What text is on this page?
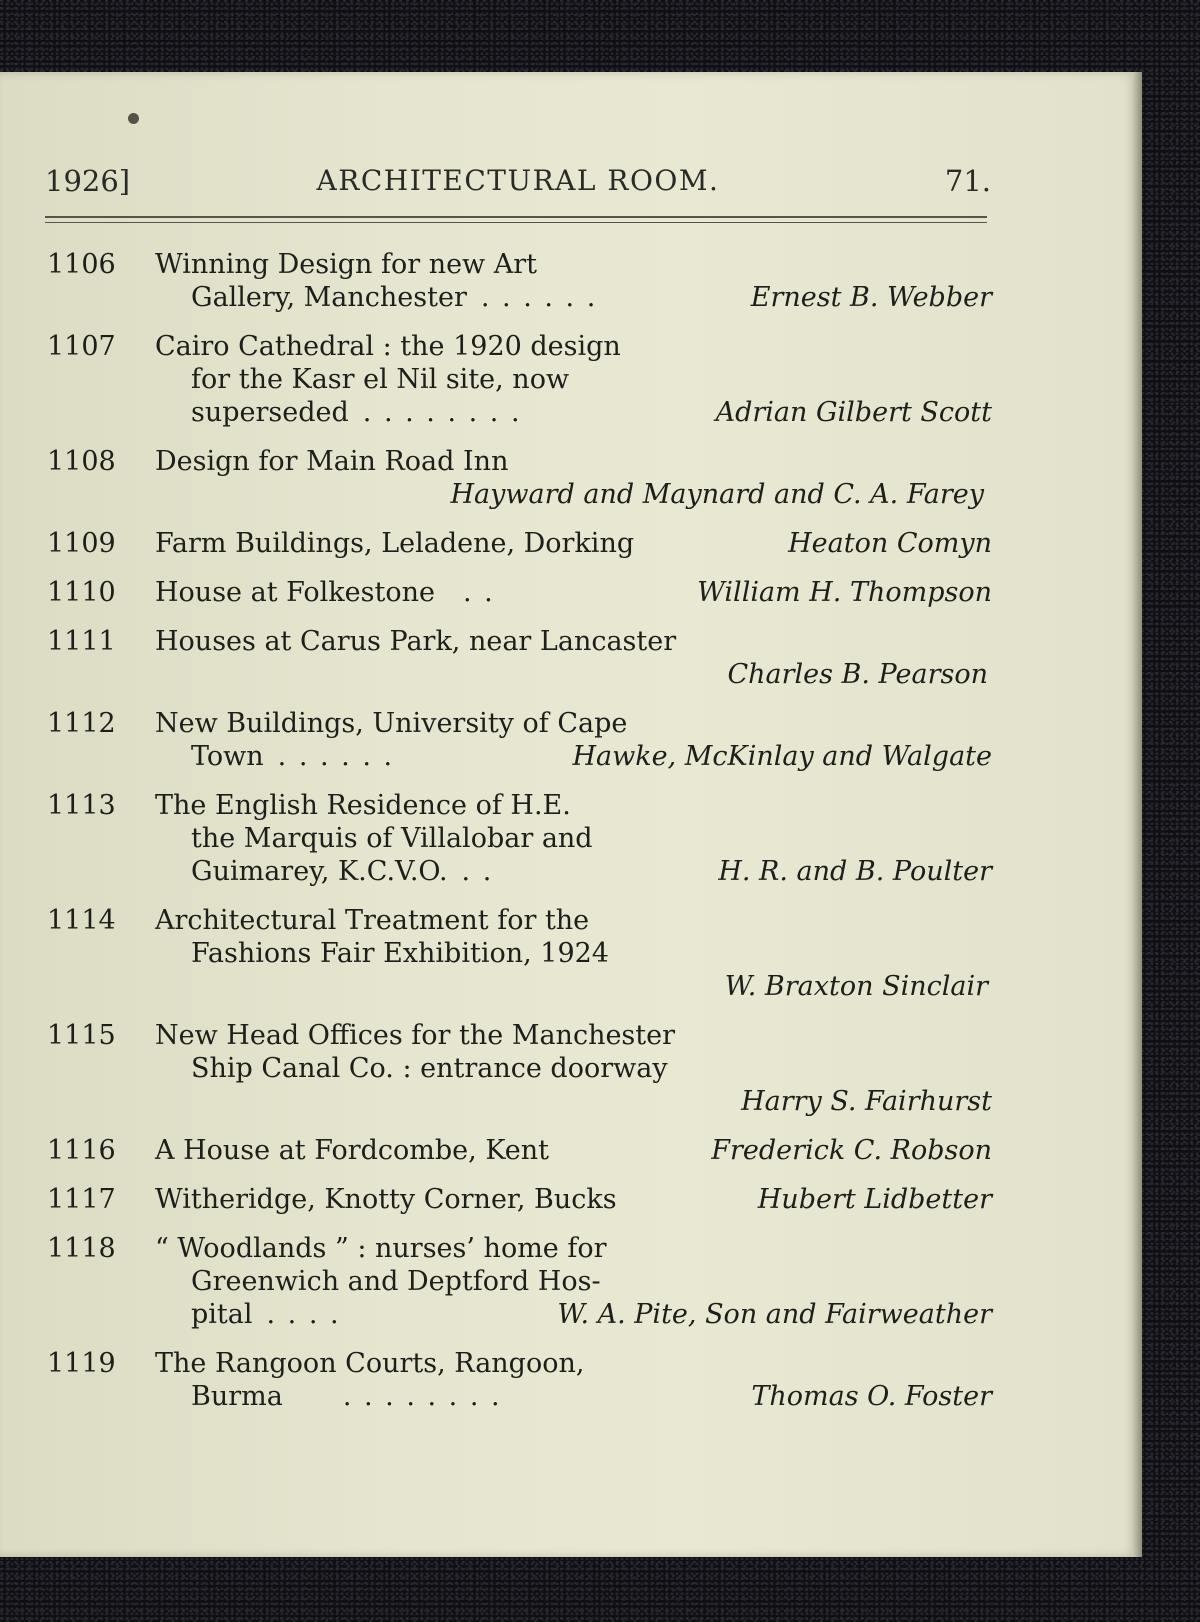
1926]	ARCHITECTURAL ROOM.	71.
1106	Winning Design for new Art
Gallery, Manchester . . . . . .	Ernest B. Webber
1107	Cairo Cathedral : the 1920 design
for the Kasr el Nil site, now
superseded . . . . . . . .	Adrian Gilbert Scott
1108	Design for Main Road Inn
Hayward and Maynard and C. A. Farey
1109	Farm Buildings, Leladene, Dorking	Heaton Comyn
1110	House at Folkestone . .	William H. Thompson
1111	Houses at Carus Park, near Lancaster
Charles B. Pearson
1112	New Buildings, University of Cape
Town . . . . . .	Hawke, McKinlay and Walgate
1113	The English Residence of H.E.
the Marquis of Villalobar and
Guimarey, K.C.V.O. . .	H. R. and B. Poulter
1114	Architectural Treatment for the
Fashions Fair Exhibition, 1924
W. Braxton Sinclair
1115	New Head Offices for the Manchester
Ship Canal Co. : entrance doorway
Harry S. Fairhurst
1116	A House at Fordcombe, Kent	Frederick C. Robson
1117	Witheridge, Knotty Corner, Bucks	Hubert Lidbetter
1118	“ Woodlands ” : nurses’ home for
Greenwich and Deptford Hos-
pital . . . .	W. A. Pite, Son and Fairweather
1119	The Rangoon Courts, Rangoon,
Burma . . . . . . . .	Thomas O. Foster
